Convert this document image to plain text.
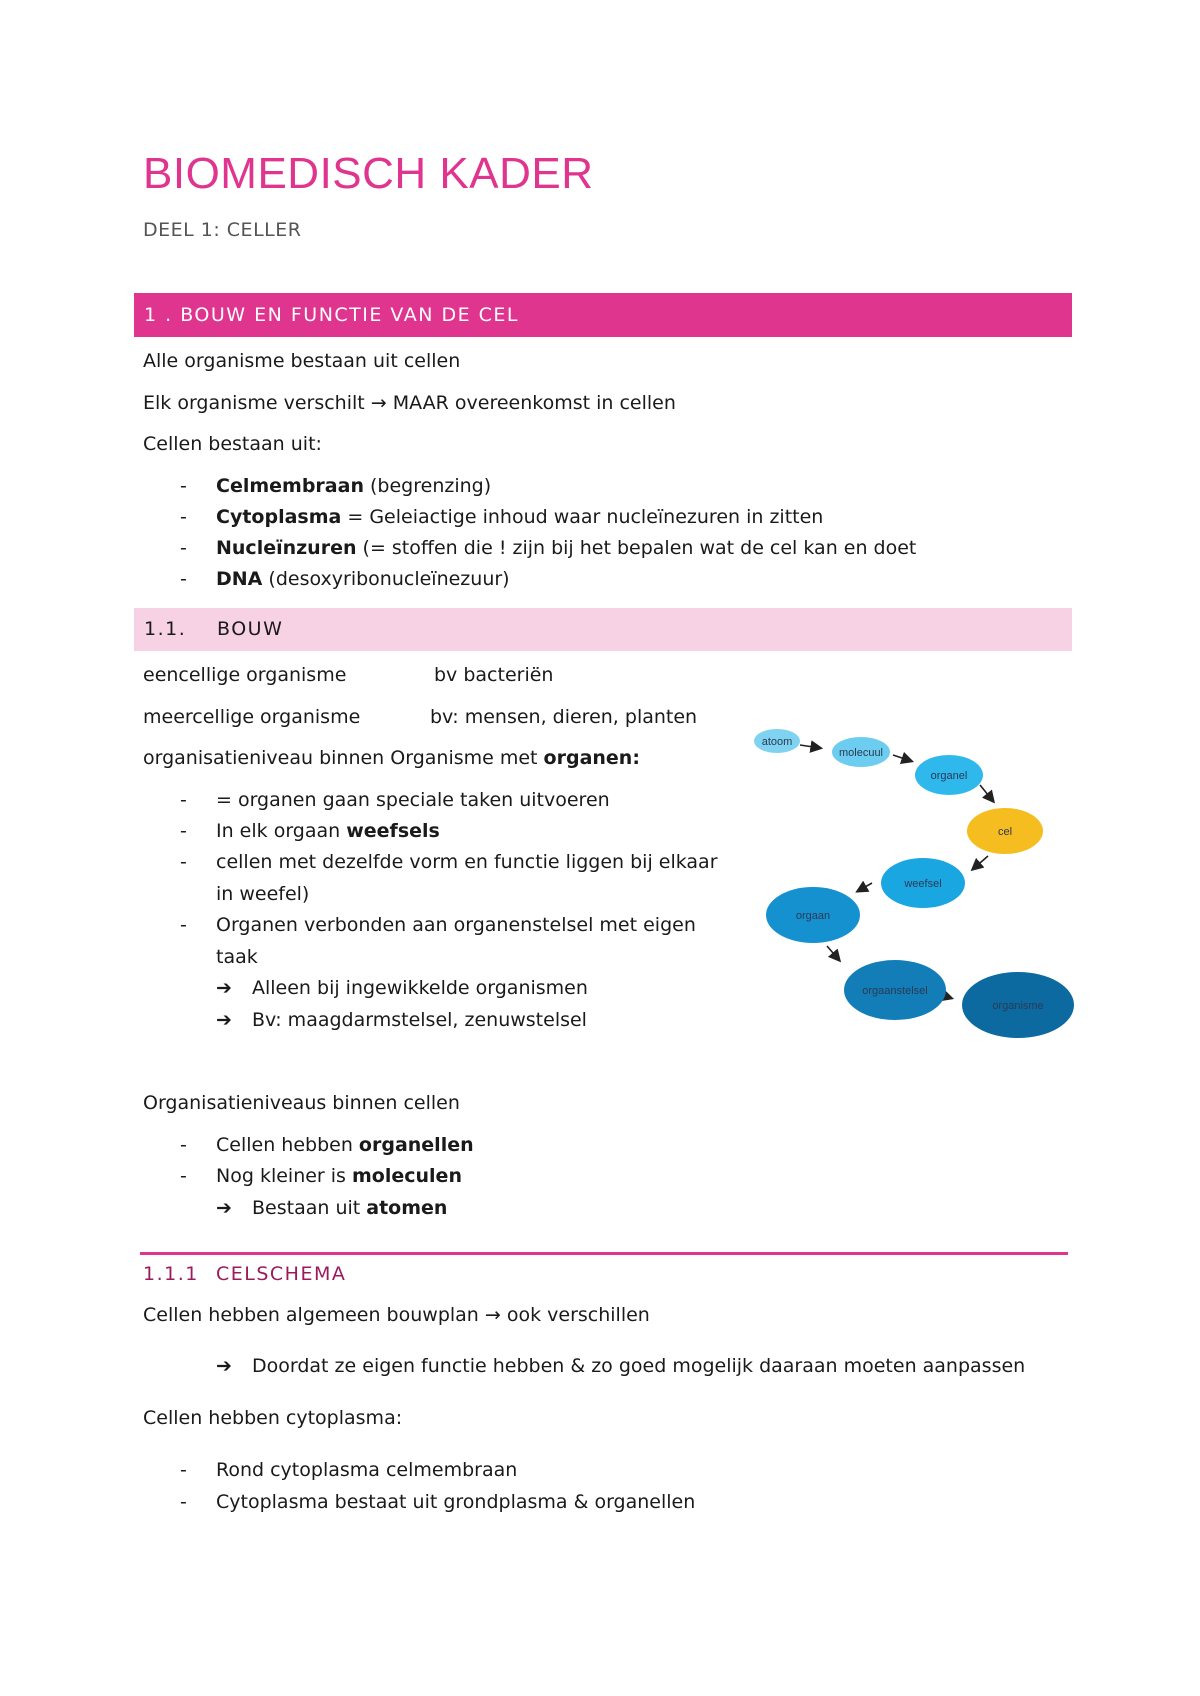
BIOMEDISCH KADER
DEEL 1: CELLER
1 . BOUW EN FUNCTIE VAN DE CEL
Alle organisme bestaan uit cellen
Elk organisme verschilt → MAAR overeenkomst in cellen
Cellen bestaan uit:
- Celmembraan (begrenzing)
- Cytoplasma = Geleiactige inhoud waar nucleïnezuren in zitten
- Nucleïnzuren (= stoffen die ! zijn bij het bepalen wat de cel kan en doet
- DNA (desoxyribonucleïnezuur)
1.1. BOUW
eencellige organisme	bv bacteriën
meercellige organisme	bv: mensen, dieren, planten
organisatieniveau binnen Organisme met organen:
- = organen gaan speciale taken uitvoeren
- In elk orgaan weefsels
- cellen met dezelfde vorm en functie liggen bij elkaar
in weefel)
- Organen verbonden aan organenstelsel met eigen
taak
➔ Alleen bij ingewikkelde organismen
➔ Bv: maagdarmstelsel, zenuwstelsel
Organisatieniveaus binnen cellen
- Cellen hebben organellen
- Nog kleiner is moleculen
➔ Bestaan uit atomen
atoom
molecuul
organel
cel
weefsel
orgaan
orgaanstelsel
organisme
1.1.1 CELSCHEMA
Cellen hebben algemeen bouwplan → ook verschillen
➔ Doordat ze eigen functie hebben & zo goed mogelijk daaraan moeten aanpassen
Cellen hebben cytoplasma:
- Rond cytoplasma celmembraan
- Cytoplasma bestaat uit grondplasma & organellen
